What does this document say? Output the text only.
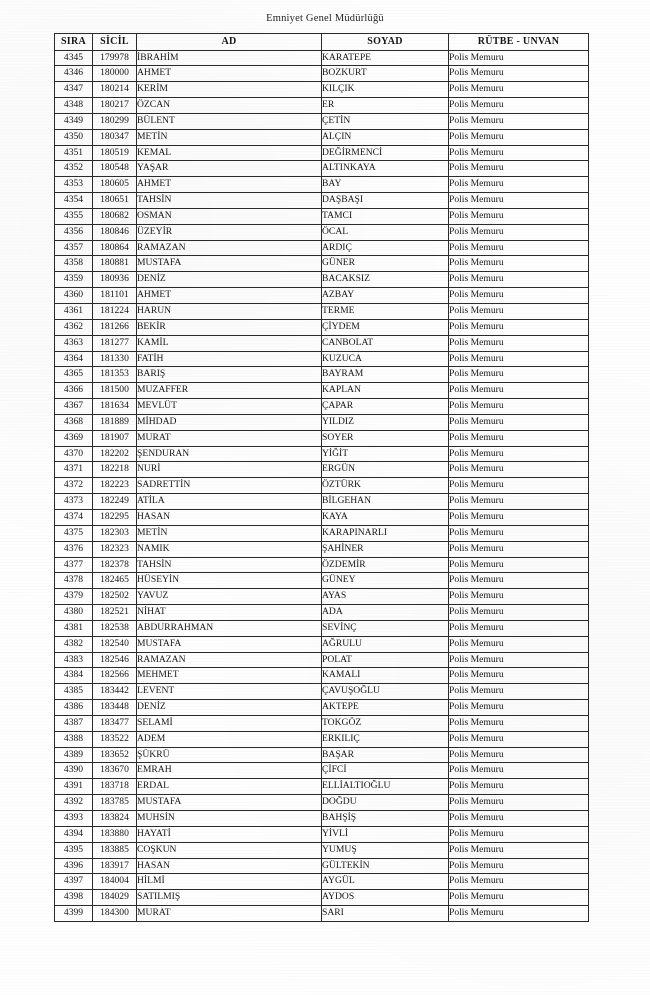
Emniyet Genel Müdürlüğü
SIRA	SİCİL	AD	SOYAD	RÜTBE - UNVAN
4345	179978	İBRAHİM	KARATEPE	Polis Memuru
4346	180000	AHMET	BOZKURT	Polis Memuru
4347	180214	KERİM	KILÇIK	Polis Memuru
4348	180217	ÖZCAN	ER	Polis Memuru
4349	180299	BÜLENT	ÇETİN	Polis Memuru
4350	180347	METİN	ALÇIN	Polis Memuru
4351	180519	KEMAL	DEĞİRMENCİ	Polis Memuru
4352	180548	YAŞAR	ALTINKAYA	Polis Memuru
4353	180605	AHMET	BAY	Polis Memuru
4354	180651	TAHSİN	DAŞBAŞI	Polis Memuru
4355	180682	OSMAN	TAMCI	Polis Memuru
4356	180846	ÜZEYİR	ÖCAL	Polis Memuru
4357	180864	RAMAZAN	ARDIÇ	Polis Memuru
4358	180881	MUSTAFA	GÜNER	Polis Memuru
4359	180936	DENİZ	BACAKSIZ	Polis Memuru
4360	181101	AHMET	AZBAY	Polis Memuru
4361	181224	HARUN	TERME	Polis Memuru
4362	181266	BEKİR	ÇİYDEM	Polis Memuru
4363	181277	KAMİL	CANBOLAT	Polis Memuru
4364	181330	FATİH	KUZUCA	Polis Memuru
4365	181353	BARIŞ	BAYRAM	Polis Memuru
4366	181500	MUZAFFER	KAPLAN	Polis Memuru
4367	181634	MEVLÜT	ÇAPAR	Polis Memuru
4368	181889	MİHDAD	YILDIZ	Polis Memuru
4369	181907	MURAT	SOYER	Polis Memuru
4370	182202	ŞENDURAN	YİĞİT	Polis Memuru
4371	182218	NURİ	ERGÜN	Polis Memuru
4372	182223	SADRETTİN	ÖZTÜRK	Polis Memuru
4373	182249	ATİLA	BİLGEHAN	Polis Memuru
4374	182295	HASAN	KAYA	Polis Memuru
4375	182303	METİN	KARAPINARLI	Polis Memuru
4376	182323	NAMIK	ŞAHİNER	Polis Memuru
4377	182378	TAHSİN	ÖZDEMİR	Polis Memuru
4378	182465	HÜSEYİN	GÜNEY	Polis Memuru
4379	182502	YAVUZ	AYAS	Polis Memuru
4380	182521	NİHAT	ADA	Polis Memuru
4381	182538	ABDURRAHMAN	SEVİNÇ	Polis Memuru
4382	182540	MUSTAFA	AĞRULU	Polis Memuru
4383	182546	RAMAZAN	POLAT	Polis Memuru
4384	182566	MEHMET	KAMALI	Polis Memuru
4385	183442	LEVENT	ÇAVUŞOĞLU	Polis Memuru
4386	183448	DENİZ	AKTEPE	Polis Memuru
4387	183477	SELAMİ	TOKGÖZ	Polis Memuru
4388	183522	ADEM	ERKILIÇ	Polis Memuru
4389	183652	ŞÜKRÜ	BAŞAR	Polis Memuru
4390	183670	EMRAH	ÇİFCİ	Polis Memuru
4391	183718	ERDAL	ELLİALTIOĞLU	Polis Memuru
4392	183785	MUSTAFA	DOĞDU	Polis Memuru
4393	183824	MUHSİN	BAHŞİŞ	Polis Memuru
4394	183880	HAYATİ	YİVLİ	Polis Memuru
4395	183885	COŞKUN	YUMUŞ	Polis Memuru
4396	183917	HASAN	GÜLTEKİN	Polis Memuru
4397	184004	HİLMİ	AYGÜL	Polis Memuru
4398	184029	SATILMIŞ	AYDOS	Polis Memuru
4399	184300	MURAT	SARI	Polis Memuru
